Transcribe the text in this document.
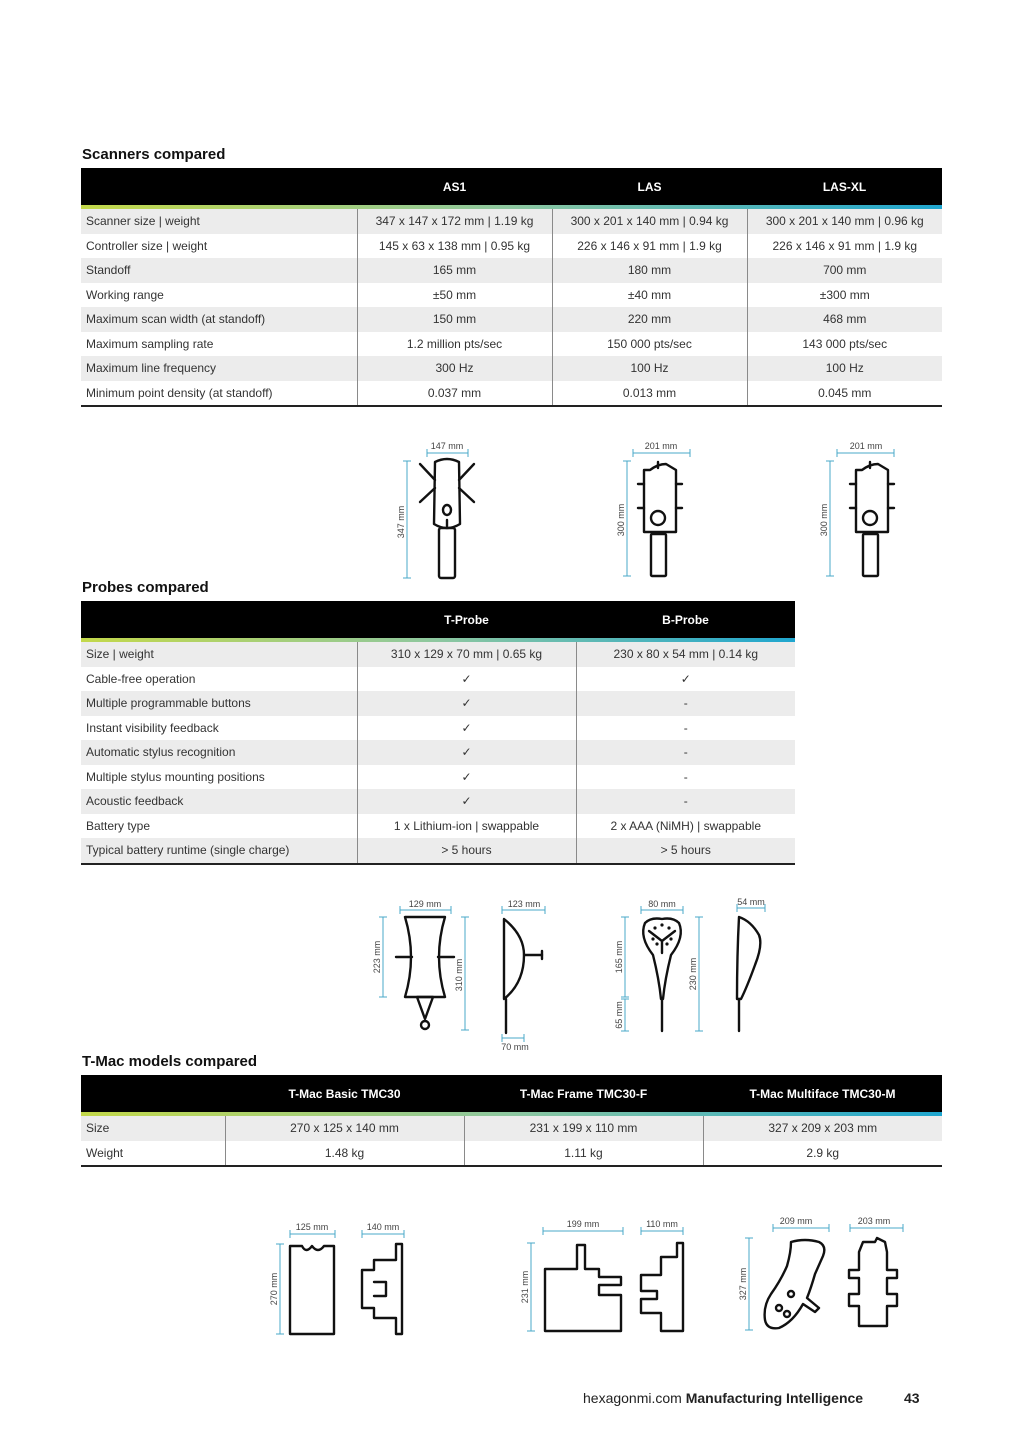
Scanners compared
	AS1	LAS	LAS-XL

Scanner size | weight	347 x 147 x 172 mm | 1.19 kg	300 x 201 x 140 mm | 0.94 kg	300 x 201 x 140 mm | 0.96 kg
Controller size | weight	145 x 63 x 138 mm | 0.95 kg	226 x 146 x 91 mm | 1.9 kg	226 x 146 x 91 mm | 1.9 kg
Standoff	165 mm	180 mm	700 mm
Working range	±50 mm	±40 mm	±300 mm
Maximum scan width (at standoff)	150 mm	220 mm	468 mm
Maximum sampling rate	1.2 million pts/sec	150 000 pts/sec	143 000 pts/sec
Maximum line frequency	300 Hz	100 Hz	100 Hz
Minimum point density (at standoff)	0.037 mm	0.013 mm	0.045 mm
147 mm
347 mm
201 mm
300 mm
201 mm
300 mm
Probes compared
	T-Probe	B-Probe

Size | weight	310 x 129 x 70 mm | 0.65 kg	230 x 80 x 54 mm | 0.14 kg
Cable-free operation	✓	✓
Multiple programmable buttons	✓	-
Instant visibility feedback	✓	-
Automatic stylus recognition	✓	-
Multiple stylus mounting positions	✓	-
Acoustic feedback	✓	-
Battery type	1 x Lithium-ion | swappable	2 x AAA (NiMH) | swappable
Typical battery runtime (single charge)	> 5 hours	> 5 hours
129 mm
223 mm
310 mm
123 mm
70 mm
80 mm
165 mm
65 mm
230 mm
54 mm
T-Mac models compared
	T-Mac Basic TMC30	T-Mac Frame TMC30-F	T-Mac Multiface TMC30-M

Size	270 x 125 x 140 mm	231 x 199 x 110 mm	327 x 209 x 203 mm
Weight	1.48 kg	1.11 kg	2.9 kg
125 mm	140 mm
270 mm
199 mm	110 mm
231 mm
209 mm	203 mm
327 mm
hexagonmi.com Manufacturing Intelligence	43
